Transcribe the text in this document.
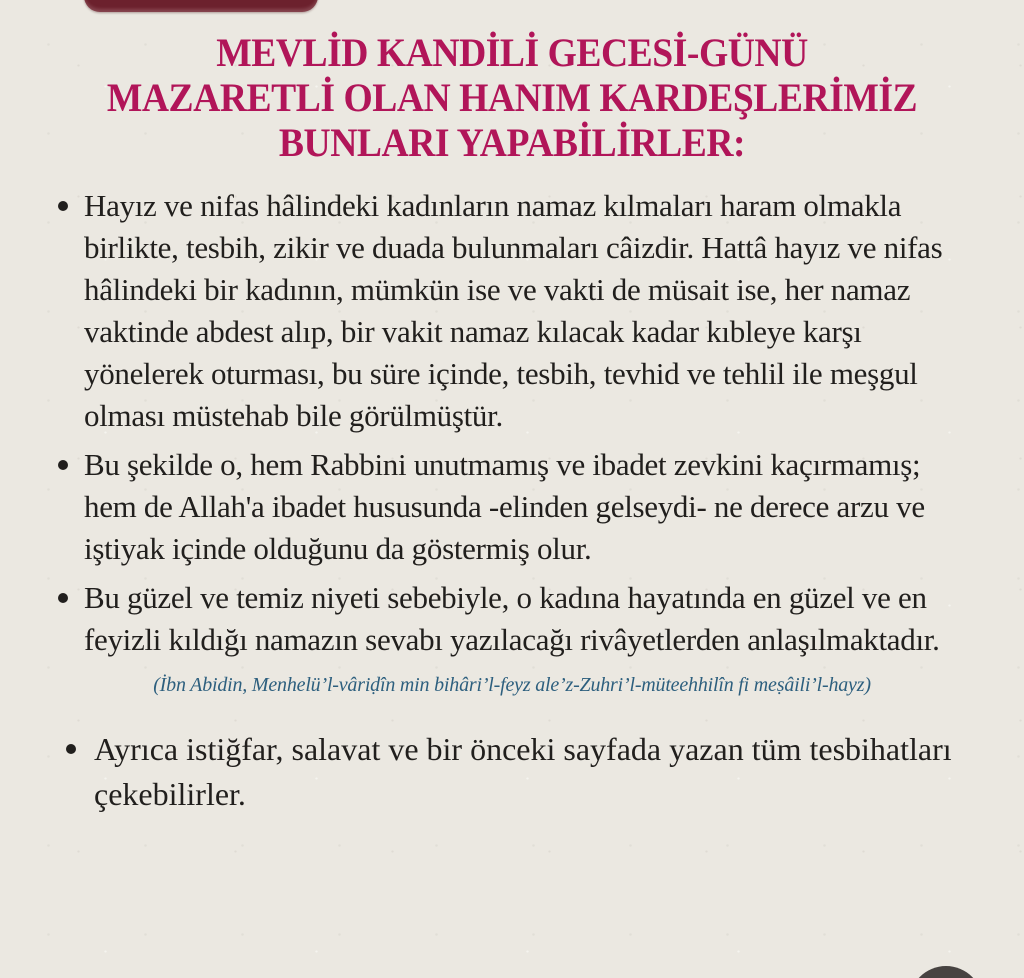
MEVLİD KANDİLİ GECESİ-GÜNÜ
MAZARETLİ OLAN HANIM KARDEŞLERİMİZ
BUNLARI YAPABİLİRLER:
Hayız ve nifas hâlindeki kadınların namaz kılmaları haram olmakla birlikte, tesbih, zikir ve duada bulunmaları câizdir. Hattâ hayız ve nifas hâlindeki bir kadının, mümkün ise ve vakti de müsait ise, her namaz vaktinde abdest alıp, bir vakit namaz kılacak kadar kıbleye karşı yönelerek oturması, bu süre içinde, tesbih, tevhid ve tehlil ile meşgul olması müstehab bile görülmüştür.
Bu şekilde o, hem Rabbini unutmamış ve ibadet zevkini kaçırmamış; hem de Allah'a ibadet hususunda -elinden gelseydi- ne derece arzu ve iştiyak içinde olduğunu da göstermiş olur.
Bu güzel ve temiz niyeti sebebiyle, o kadına hayatında en güzel ve en feyizli kıldığı namazın sevabı yazılacağı rivâyetlerden anlaşılmaktadır.
(İbn Abidin, Menhelü’l-vâriḍîn min bihâri’l-feyz ale’z-Zuhri’l-müteehhilîn fi meṣâili’l-hayz)
Ayrıca istiğfar, salavat ve bir önceki sayfada yazan tüm tesbihatları çekebilirler.
